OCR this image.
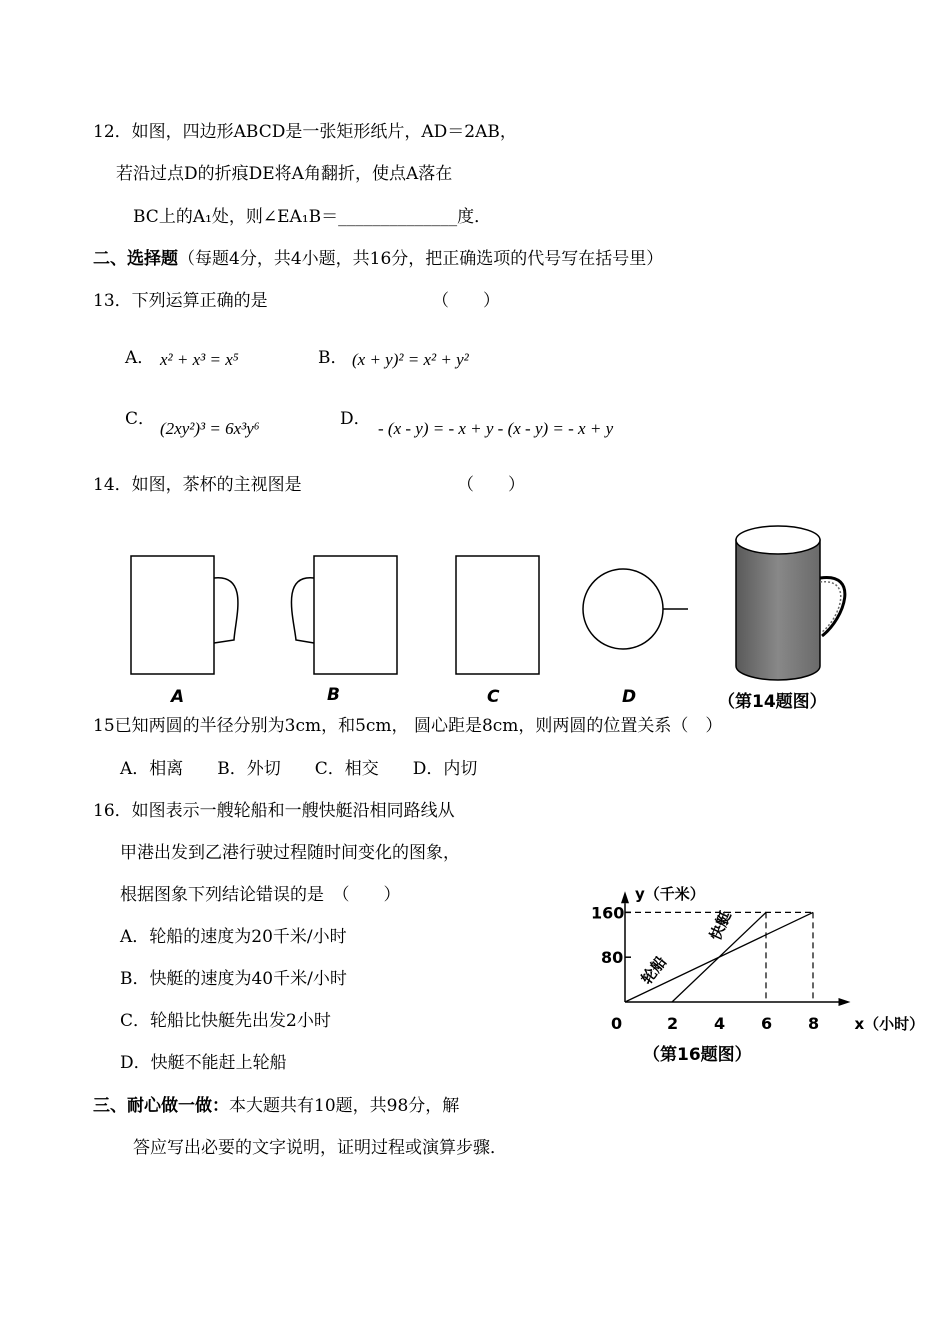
12．如图，四边形ABCD是一张矩形纸片，AD＝2AB，
若沿过点D的折痕DE将A角翻折，使点A落在
BC上的A₁处，则∠EA₁B＝______________度．
二、选择题（每题4分，共4小题，共16分，把正确选项的代号写在括号里）
13．下列运算正确的是	（　　）
A． x² + x³ = x⁵	B． (x + y)² = x² + y²
C． (2xy²)³ = 6x³y⁶	D． - (x - y) = - x + y - (x - y) = - x + y
14．如图，茶杯的主视图是	（　　）
A	B	C	D	（第14题图）
15已知两圆的半径分别为3cm，和5cm， 圆心距是8cm，则两圆的位置关系（　）
A．相离　　B．外切　　C．相交　　D．内切
16．如图表示一艘轮船和一艘快艇沿相同路线从
甲港出发到乙港行驶过程随时间变化的图象，
根据图象下列结论错误的是　（　　）
A．轮船的速度为20千米/小时
B．快艇的速度为40千米/小时
C．轮船比快艇先出发2小时
D．快艇不能赶上轮船
y（千米）
x（小时）
0	2 4 6 8
80
160
轮船
快艇
（第16题图）
三、耐心做一做：本大题共有10题，共98分，解
答应写出必要的文字说明，证明过程或演算步骤．
